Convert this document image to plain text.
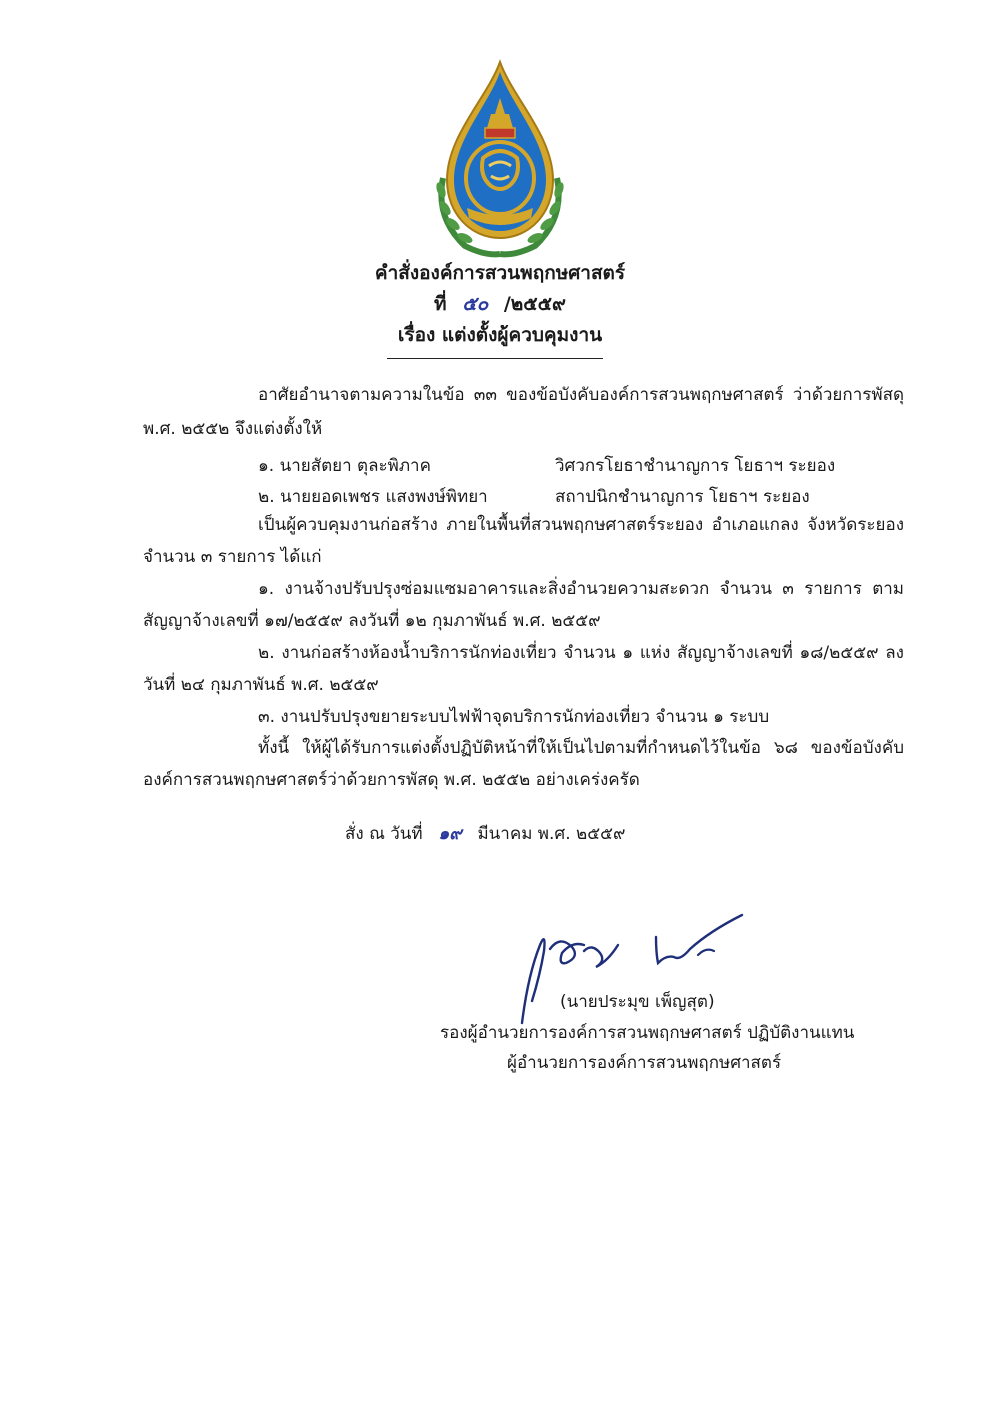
คำสั่งองค์การสวนพฤกษศาสตร์
ที่ ๕๐ /๒๕๕๙
เรื่อง แต่งตั้งผู้ควบคุมงาน
อาศัยอำนาจตามความในข้อ ๓๓ ของข้อบังคับองค์การสวนพฤกษศาสตร์ ว่าด้วยการพัสดุ
พ.ศ. ๒๕๕๒ จึงแต่งตั้งให้
๑. นายสัตยา ตุละพิภาค	วิศวกรโยธาชำนาญการ โยธาฯ ระยอง
๒. นายยอดเพชร แสงพงษ์พิทยา	สถาปนิกชำนาญการ โยธาฯ ระยอง
เป็นผู้ควบคุมงานก่อสร้าง ภายในพื้นที่สวนพฤกษศาสตร์ระยอง อำเภอแกลง จังหวัดระยอง
จำนวน ๓ รายการ ได้แก่
๑. งานจ้างปรับปรุงซ่อมแซมอาคารและสิ่งอำนวยความสะดวก จำนวน ๓ รายการ ตาม
สัญญาจ้างเลขที่ ๑๗/๒๕๕๙ ลงวันที่ ๑๒ กุมภาพันธ์ พ.ศ. ๒๕๕๙
๒. งานก่อสร้างห้องน้ำบริการนักท่องเที่ยว จำนวน ๑ แห่ง สัญญาจ้างเลขที่ ๑๘/๒๕๕๙ ลง
วันที่ ๒๔ กุมภาพันธ์ พ.ศ. ๒๕๕๙
๓. งานปรับปรุงขยายระบบไฟฟ้าจุดบริการนักท่องเที่ยว จำนวน ๑ ระบบ
ทั้งนี้ ให้ผู้ได้รับการแต่งตั้งปฏิบัติหน้าที่ให้เป็นไปตามที่กำหนดไว้ในข้อ ๖๘ ของข้อบังคับ
องค์การสวนพฤกษศาสตร์ว่าด้วยการพัสดุ พ.ศ. ๒๕๕๒ อย่างเคร่งครัด
สั่ง ณ วันที่ ๑๙ มีนาคม พ.ศ. ๒๕๕๙
(นายประมุข เพ็ญสุต)
รองผู้อำนวยการองค์การสวนพฤกษศาสตร์ ปฏิบัติงานแทน
ผู้อำนวยการองค์การสวนพฤกษศาสตร์
